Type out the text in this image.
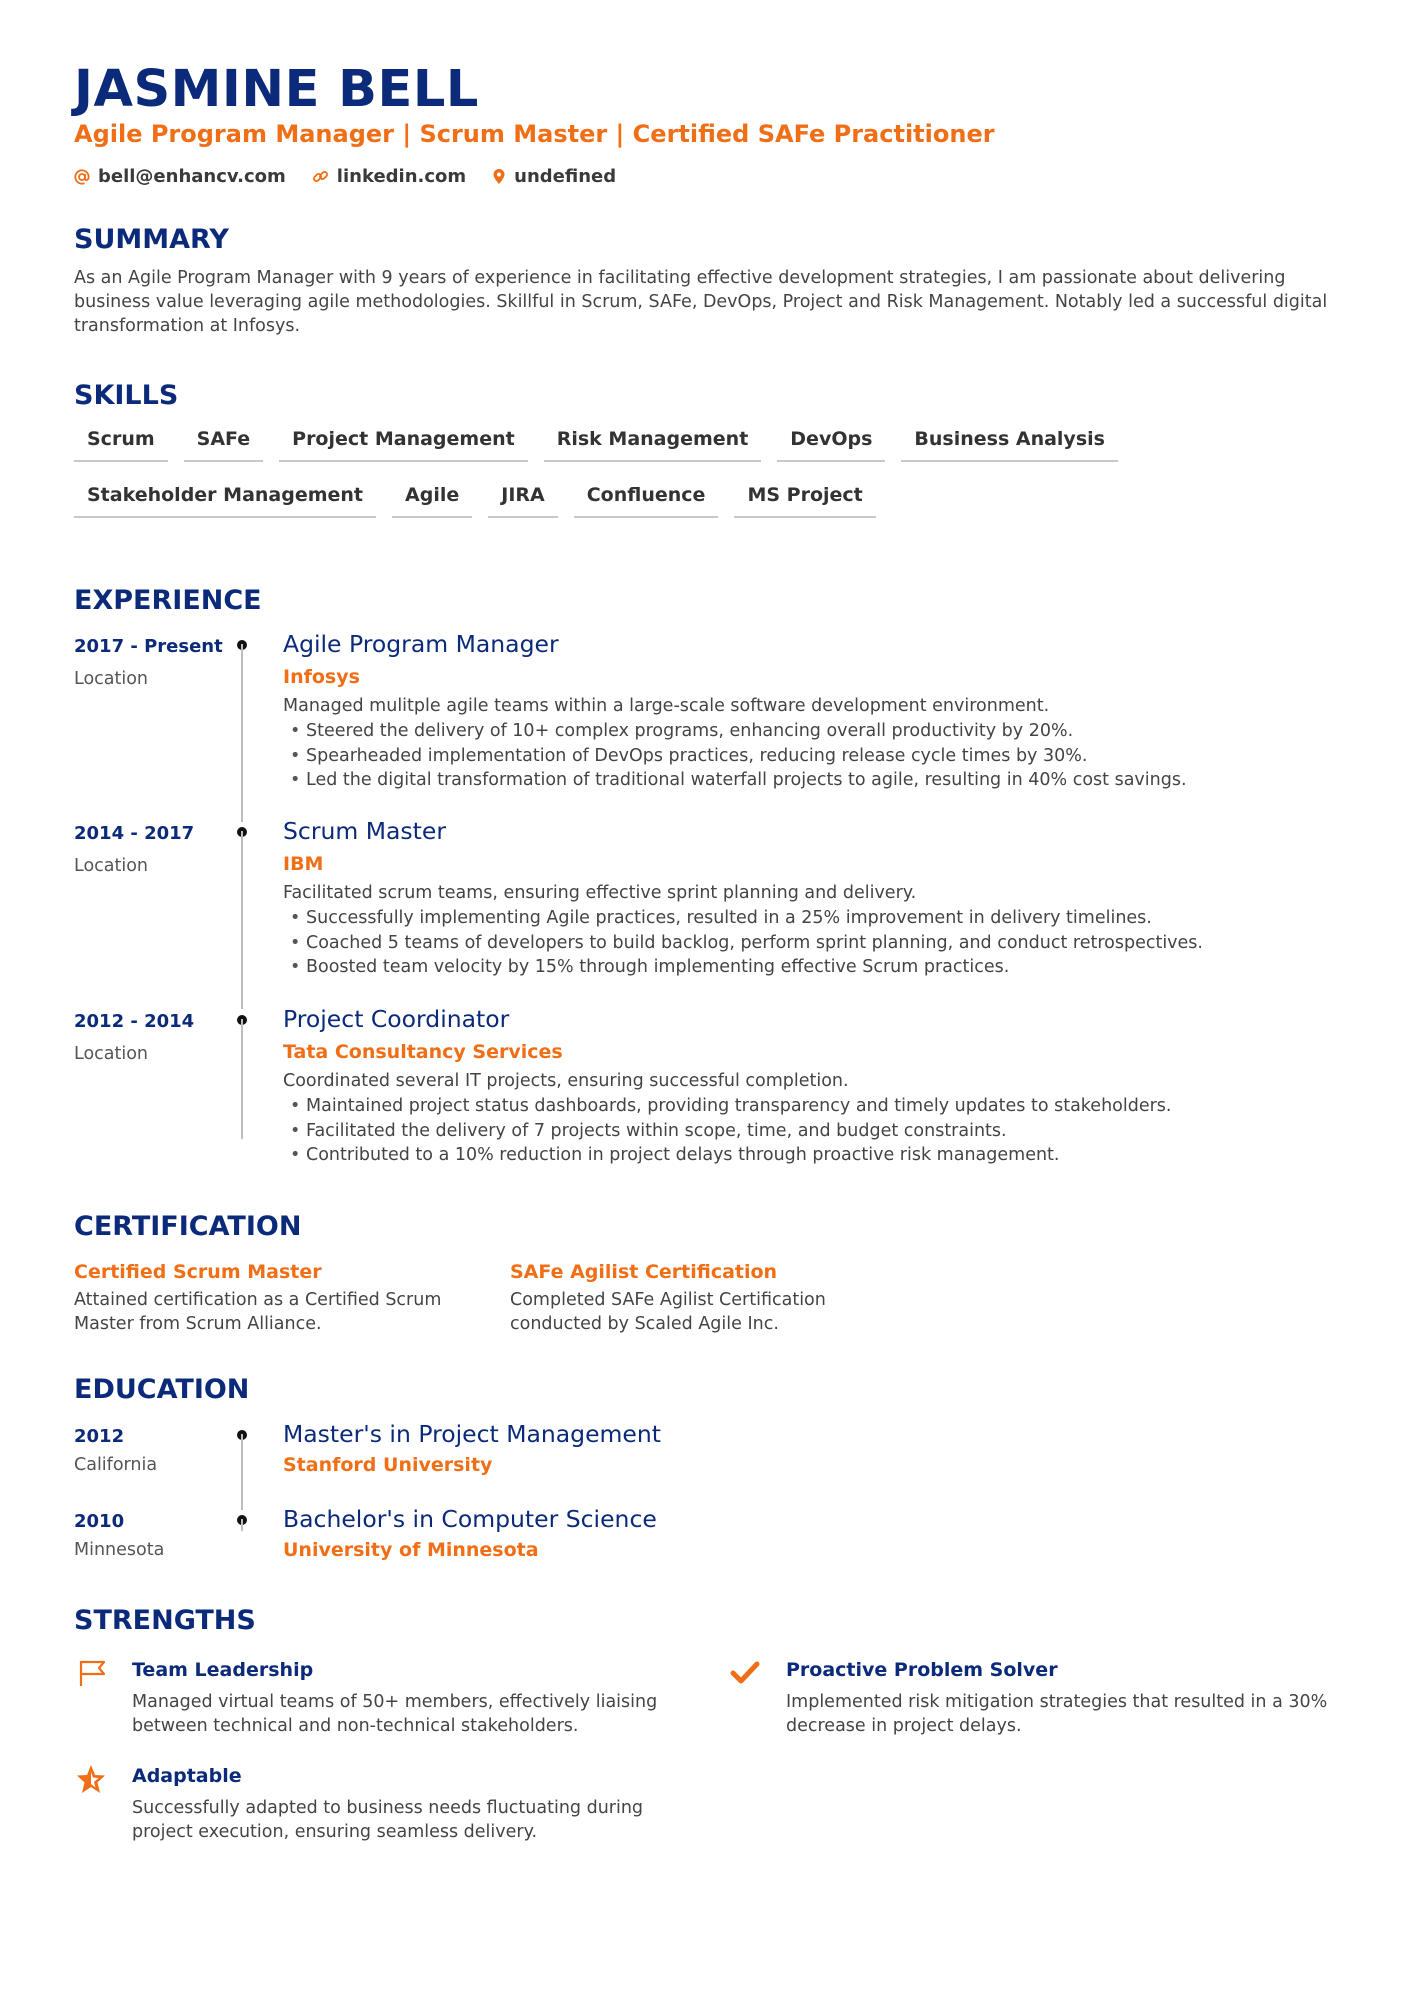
JASMINE BELL
Agile Program Manager | Scrum Master | Certified SAFe Practitioner
bell@enhancv.com	linkedin.com	undefined
SUMMARY
As an Agile Program Manager with 9 years of experience in facilitating effective development strategies, I am passionate about delivering business value leveraging agile methodologies. Skillful in Scrum, SAFe, DevOps, Project and Risk Management. Notably led a successful digital transformation at Infosys.
SKILLS
Scrum	SAFe	Project Management	Risk Management	DevOps	Business Analysis
Stakeholder Management	Agile	JIRA	Confluence	MS Project
EXPERIENCE
2017 - Present
Location
Agile Program Manager
Infosys
Managed mulitple agile teams within a large-scale software development environment.
• Steered the delivery of 10+ complex programs, enhancing overall productivity by 20%.
• Spearheaded implementation of DevOps practices, reducing release cycle times by 30%.
• Led the digital transformation of traditional waterfall projects to agile, resulting in 40% cost savings.
2014 - 2017
Location
Scrum Master
IBM
Facilitated scrum teams, ensuring effective sprint planning and delivery.
• Successfully implementing Agile practices, resulted in a 25% improvement in delivery timelines.
• Coached 5 teams of developers to build backlog, perform sprint planning, and conduct retrospectives.
• Boosted team velocity by 15% through implementing effective Scrum practices.
2012 - 2014
Location
Project Coordinator
Tata Consultancy Services
Coordinated several IT projects, ensuring successful completion.
• Maintained project status dashboards, providing transparency and timely updates to stakeholders.
• Facilitated the delivery of 7 projects within scope, time, and budget constraints.
• Contributed to a 10% reduction in project delays through proactive risk management.
CERTIFICATION
Certified Scrum Master
Attained certification as a Certified Scrum Master from Scrum Alliance.
SAFe Agilist Certification
Completed SAFe Agilist Certification conducted by Scaled Agile Inc.
EDUCATION
2012
California
Master's in Project Management
Stanford University
2010
Minnesota
Bachelor's in Computer Science
University of Minnesota
STRENGTHS
Team Leadership
Managed virtual teams of 50+ members, effectively liaising between technical and non-technical stakeholders.
Proactive Problem Solver
Implemented risk mitigation strategies that resulted in a 30% decrease in project delays.
Adaptable
Successfully adapted to business needs fluctuating during project execution, ensuring seamless delivery.
